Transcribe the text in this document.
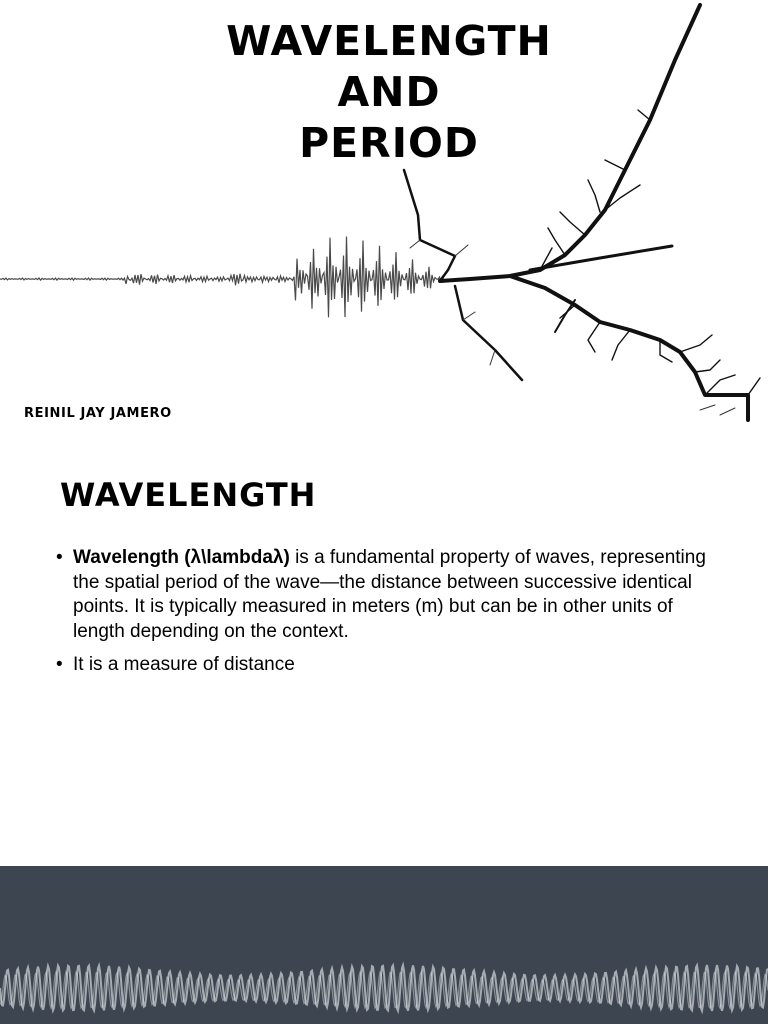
WAVELENGTH
AND
PERIOD
REINIL JAY JAMERO
WAVELENGTH
• Wavelength (λ\lambdaλ) is a fundamental property of waves, representing the spatial period of the wave—the distance between successive identical points. It is typically measured in meters (m) but can be in other units of length depending on the context.
• It is a measure of distance
